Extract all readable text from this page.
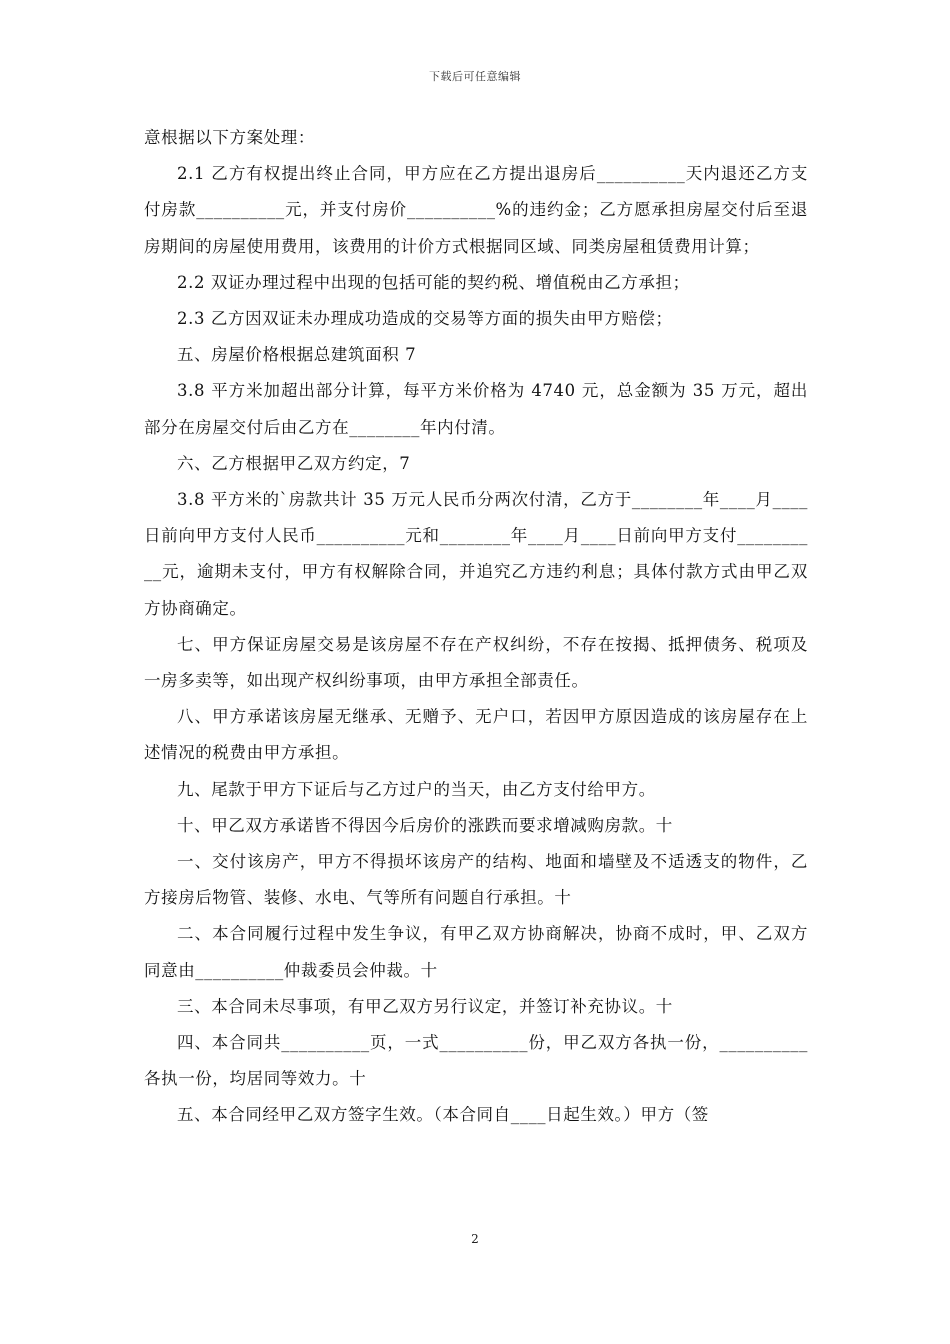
下载后可任意编辑

意根据以下方案处理：

2.1 乙方有权提出终止合同，甲方应在乙方提出退房后__________天内退还乙方支付房款__________元，并支付房价__________%的违约金；乙方愿承担房屋交付后至退房期间的房屋使用费用，该费用的计价方式根据同区域、同类房屋租赁费用计算；

2.2 双证办理过程中出现的包括可能的契约税、增值税由乙方承担；

2.3 乙方因双证未办理成功造成的交易等方面的损失由甲方赔偿；

五、房屋价格根据总建筑面积 7

3.8 平方米加超出部分计算，每平方米价格为 4740 元，总金额为 35 万元，超出部分在房屋交付后由乙方在________年内付清。

六、乙方根据甲乙双方约定，7

3.8 平方米的`房款共计 35 万元人民币分两次付清，乙方于________年____月____日前向甲方支付人民币__________元和________年____月____日前向甲方支付__________元，逾期未支付，甲方有权解除合同，并追究乙方违约利息；具体付款方式由甲乙双方协商确定。

七、甲方保证房屋交易是该房屋不存在产权纠纷，不存在按揭、抵押债务、税项及一房多卖等，如出现产权纠纷事项，由甲方承担全部责任。

八、甲方承诺该房屋无继承、无赠予、无户口，若因甲方原因造成的该房屋存在上述情况的税费由甲方承担。

九、尾款于甲方下证后与乙方过户的当天，由乙方支付给甲方。

十、甲乙双方承诺皆不得因今后房价的涨跌而要求增减购房款。十

一、交付该房产，甲方不得损坏该房产的结构、地面和墙壁及不适透支的物件，乙方接房后物管、装修、水电、气等所有问题自行承担。十

二、本合同履行过程中发生争议，有甲乙双方协商解决，协商不成时，甲、乙双方同意由__________仲裁委员会仲裁。十

三、本合同未尽事项，有甲乙双方另行议定，并签订补充协议。十

四、本合同共__________页，一式__________份，甲乙双方各执一份，__________各执一份，均居同等效力。十

五、本合同经甲乙双方签字生效。（本合同自____日起生效。）甲方（签

2
